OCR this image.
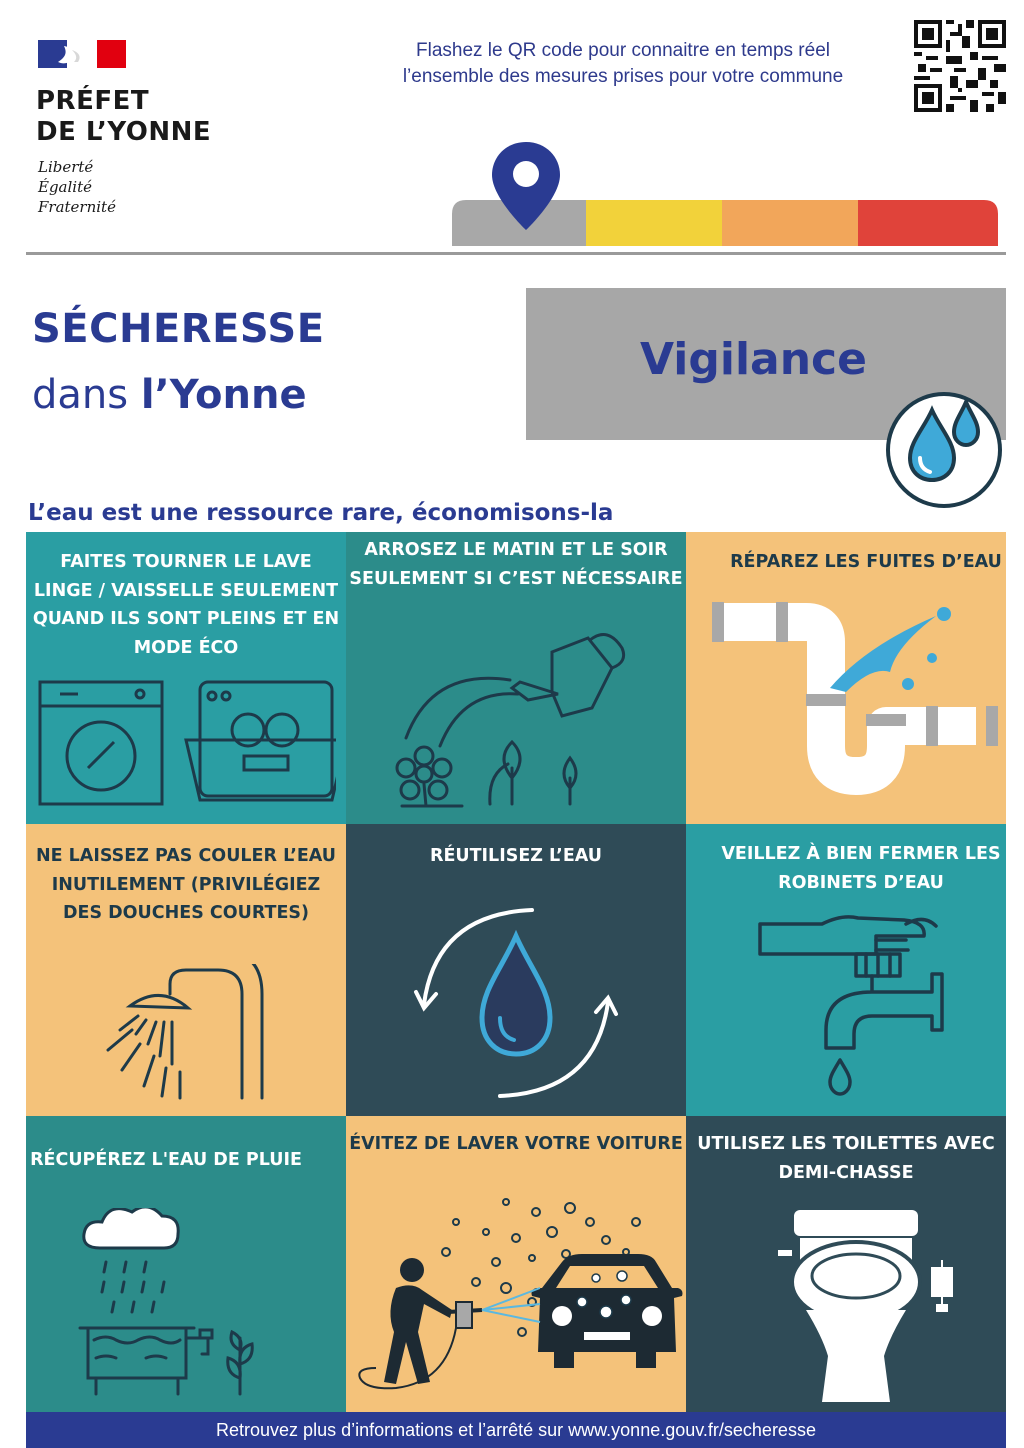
PRÉFET
DE L’YONNE
Liberté
Égalité
Fraternité
Flashez le QR code pour connaitre en temps réel
l’ensemble des mesures prises pour votre commune
SÉCHERESSE
dans l’Yonne
Vigilance
L’eau est une ressource rare, économisons-la
FAITES TOURNER LE LAVE LINGE / VAISSELLE SEULEMENT QUAND ILS SONT PLEINS ET EN MODE ÉCO
ARROSEZ LE MATIN ET LE SOIR SEULEMENT SI C’EST NÉCESSAIRE
RÉPAREZ LES FUITES D’EAU
NE LAISSEZ PAS COULER L’EAU INUTILEMENT (PRIVILÉGIEZ DES DOUCHES COURTES)
RÉUTILISEZ L’EAU	VEILLEZ À BIEN FERMER LES ROBINETS D’EAU
RÉCUPÉREZ L'EAU DE PLUIE
ÉVITEZ DE LAVER VOTRE VOITURE UTILISEZ LES TOILETTES AVEC DEMI-CHASSE
Retrouvez plus d’informations et l’arrêté sur www.yonne.gouv.fr/secheresse
